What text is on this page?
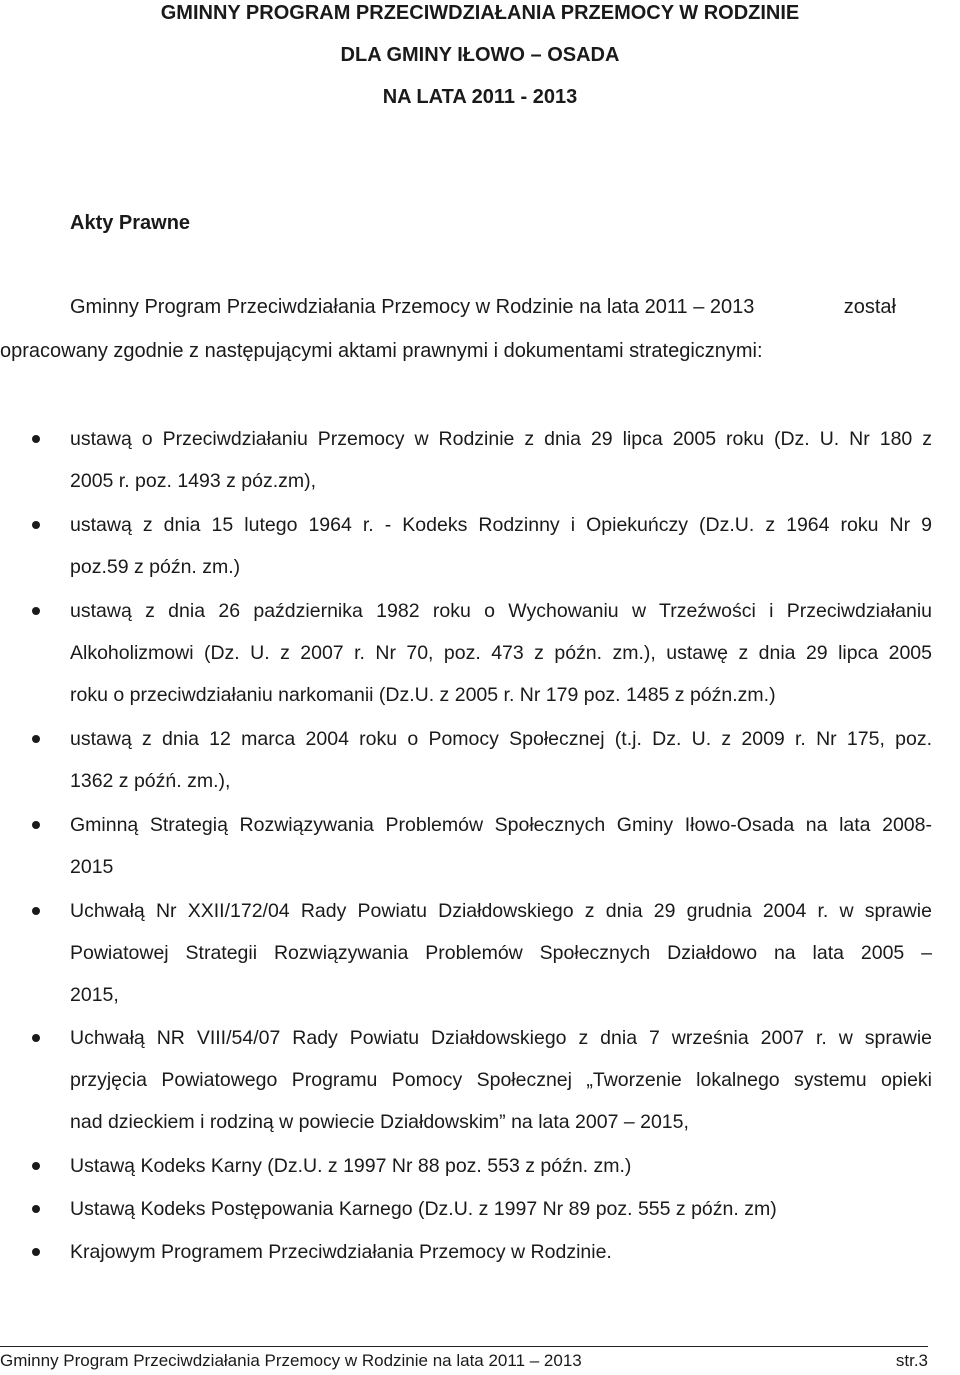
GMINNY PROGRAM PRZECIWDZIAŁANIA PRZEMOCY W RODZINIE
DLA GMINY IŁOWO – OSADA
NA LATA 2011 - 2013
Akty Prawne
Gminny Program Przeciwdziałania Przemocy w Rodzinie na lata 2011 – 2013	został
opracowany zgodnie z następującymi aktami prawnymi i dokumentami strategicznymi:
ustawą o Przeciwdziałaniu Przemocy w Rodzinie z dnia 29 lipca 2005 roku (Dz. U. Nr 180 z
2005 r. poz. 1493 z póz.zm),
ustawą z dnia 15 lutego 1964 r. - Kodeks Rodzinny i Opiekuńczy (Dz.U. z 1964 roku Nr 9
poz.59 z późn. zm.)
ustawą z dnia 26 października 1982 roku o Wychowaniu w Trzeźwości i Przeciwdziałaniu
Alkoholizmowi (Dz. U. z 2007 r. Nr 70, poz. 473 z późn. zm.), ustawę z dnia 29 lipca 2005
roku o przeciwdziałaniu narkomanii (Dz.U. z 2005 r. Nr 179 poz. 1485 z późn.zm.)
ustawą z dnia 12 marca 2004 roku o Pomocy Społecznej (t.j. Dz. U. z 2009 r. Nr 175, poz.
1362 z późń. zm.),
Gminną Strategią Rozwiązywania Problemów Społecznych Gminy Iłowo-Osada na lata 2008-
2015
Uchwałą Nr XXII/172/04 Rady Powiatu Działdowskiego z dnia 29 grudnia 2004 r. w sprawie
Powiatowej Strategii Rozwiązywania Problemów Społecznych Działdowo na lata 2005 –
2015,
Uchwałą NR VIII/54/07 Rady Powiatu Działdowskiego z dnia 7 września 2007 r. w sprawie
przyjęcia Powiatowego Programu Pomocy Społecznej „Tworzenie lokalnego systemu opieki
nad dzieckiem i rodziną w powiecie Działdowskim” na lata 2007 – 2015,
Ustawą Kodeks Karny (Dz.U. z 1997 Nr 88 poz. 553 z późn. zm.)
Ustawą Kodeks Postępowania Karnego (Dz.U. z 1997 Nr 89 poz. 555 z późn. zm)
Krajowym Programem Przeciwdziałania Przemocy w Rodzinie.
Gminny Program Przeciwdziałania Przemocy w Rodzinie na lata 2011 – 2013	str.3
